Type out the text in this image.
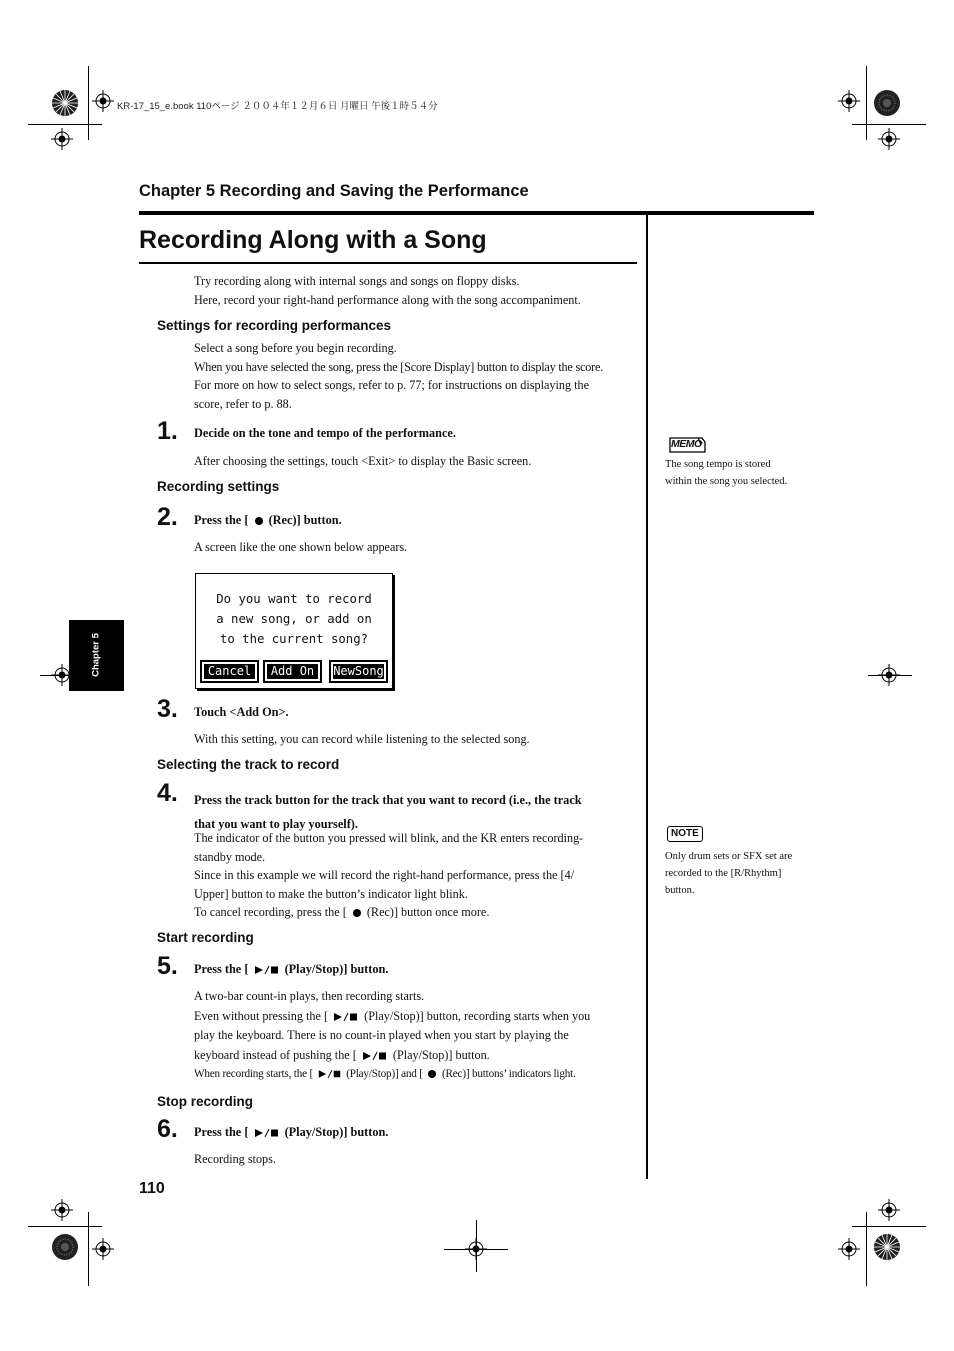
KR-17_15_e.book 110ページ ２００４年１２月６日 月曜日 午後１時５４分
Chapter 5 Recording and Saving the Performance
Recording Along with a Song
Try recording along with internal songs and songs on floppy disks.
Here, record your right-hand performance along with the song accompaniment.
Settings for recording performances
Select a song before you begin recording.
When you have selected the song, press the [Score Display] button to display the score.
For more on how to select songs, refer to p. 77; for instructions on displaying the
score, refer to p. 88.
1. Decide on the tone and tempo of the performance.
After choosing the settings, touch <Exit> to display the Basic screen.
Recording settings
2. Press the [ (Rec)] button.
A screen like the one shown below appears.
Do you want to record
a new song, or add on
to the current song?
Cancel	Add On	NewSong
3. Touch <Add On>.
With this setting, you can record while listening to the selected song.
Selecting the track to record
4. Press the track button for the track that you want to record (i.e., the track
that you want to play yourself).
The indicator of the button you pressed will blink, and the KR enters recording-
standby mode.
Since in this example we will record the right-hand performance, press the [4/
Upper] button to make the button’s indicator light blink.
To cancel recording, press the [ (Rec)] button once more.
Start recording
5. Press the [	(Play/Stop)] button.
A two-bar count-in plays, then recording starts.
Even without pressing the [	(Play/Stop)] button, recording starts when you
play the keyboard. There is no count-in played when you start by playing the
keyboard instead of pushing the [	(Play/Stop)] button.
When recording starts, the [	(Play/Stop)] and [ (Rec)] buttons’ indicators light.
Stop recording
6. Press the [	(Play/Stop)] button.
Recording stops.
MEMO
The song tempo is stored
within the song you selected.
NOTE
Only drum sets or SFX set are
recorded to the [R/Rhythm]
button.
Chapter 5
110
